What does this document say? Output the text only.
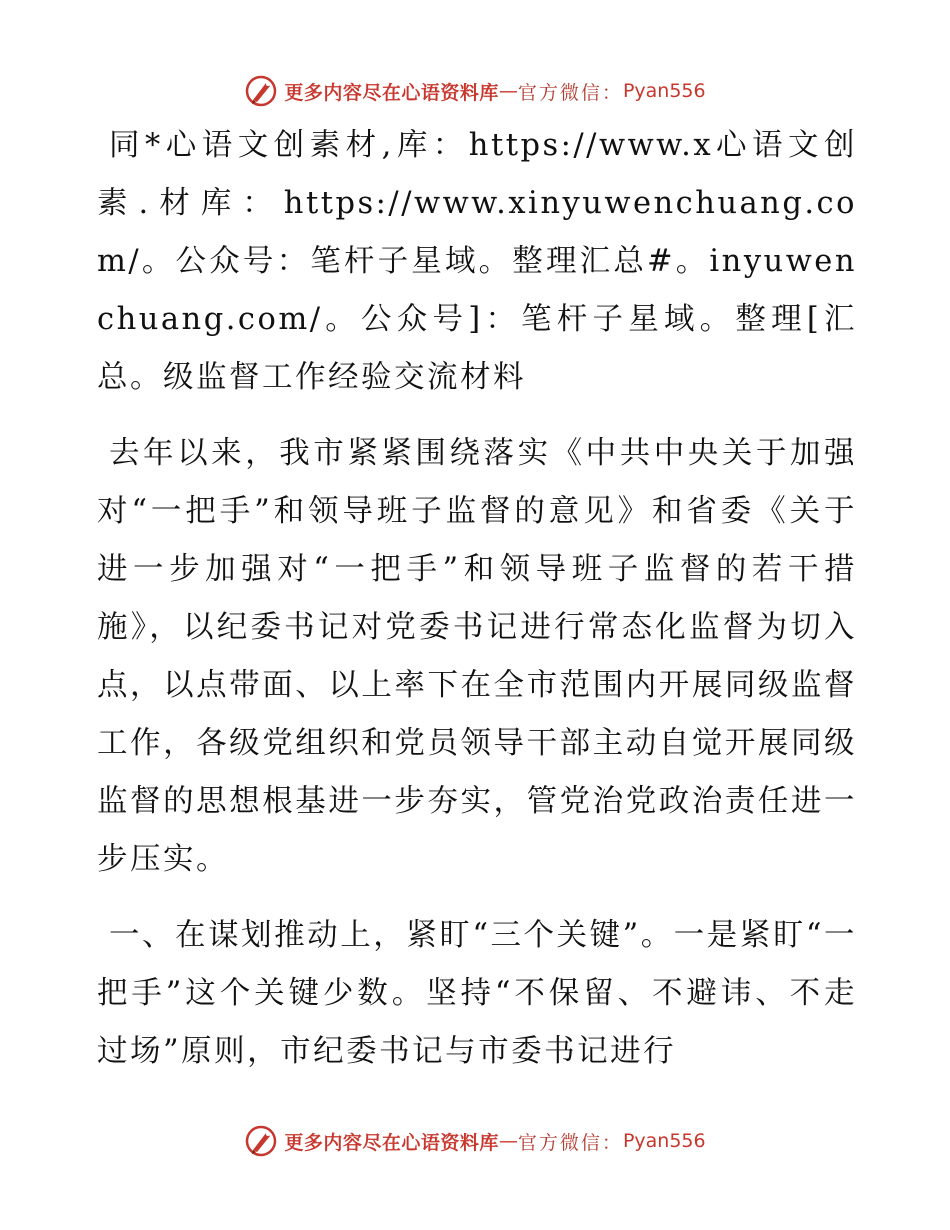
更多内容尽在心语资料库 — 官方微信： Pyan556

同*心语文创素材,库：https://www.x心语文创素.材库：https://www.xinyuwenchuang.com/。公众号：笔杆子星域。整理汇总#。inyuwenchuang.com/。公众号]：笔杆子星域。整理[汇总。级监督工作经验交流材料

去年以来，我市紧紧围绕落实《中共中央关于加强对“一把手”和领导班子监督的意见》和省委《关于进一步加强对“一把手”和领导班子监督的若干措施》，以纪委书记对党委书记进行常态化监督为切入点，以点带面、以上率下在全市范围内开展同级监督工作，各级党组织和党员领导干部主动自觉开展同级监督的思想根基进一步夯实，管党治党政治责任进一步压实。

一、在谋划推动上，紧盯“三个关键”。一是紧盯“一把手”这个关键少数。坚持“不保留、不避讳、不走过场”原则，市纪委书记与市委书记进行

更多内容尽在心语资料库 — 官方微信： Pyan556
